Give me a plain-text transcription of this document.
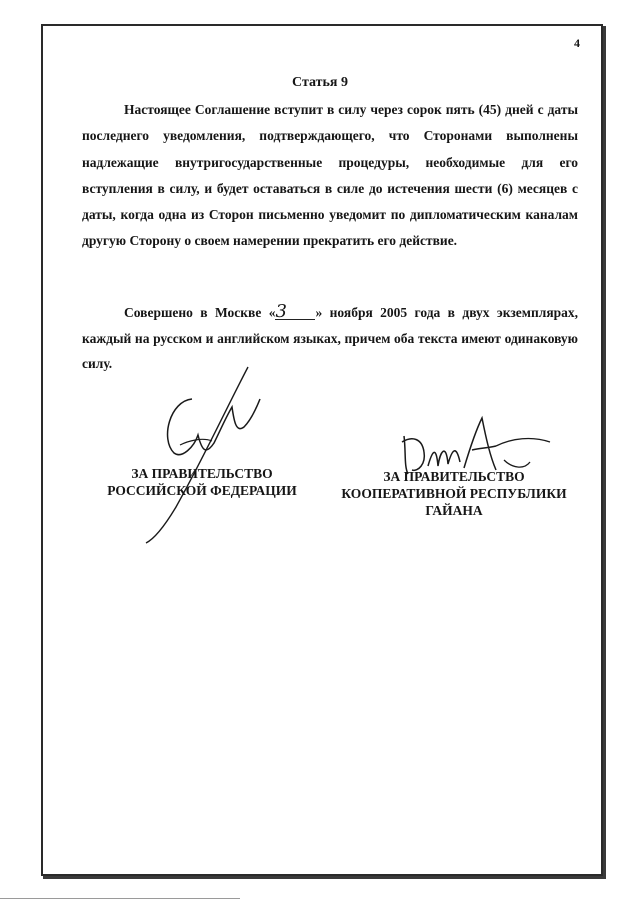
4
Статья 9
Настоящее Соглашение вступит в силу через сорок пять (45) дней с даты последнего уведомления, подтверждающего, что Сторонами выполнены надлежащие внутригосударственные процедуры, необходимые для его вступления в силу, и будет оставаться в силе до истечения шести (6) месяцев с даты, когда одна из Сторон письменно уведомит по дипломатическим каналам другую Сторону о своем намерении прекратить его действие.
Совершено в Москве «3 » ноября 2005 года в двух экземплярах, каждый на русском и английском языках, причем оба текста имеют одинаковую силу.
ЗА ПРАВИТЕЛЬСТВО
РОССИЙСКОЙ ФЕДЕРАЦИИ
ЗА ПРАВИТЕЛЬСТВО
КООПЕРАТИВНОЙ РЕСПУБЛИКИ
ГАЙАНА
